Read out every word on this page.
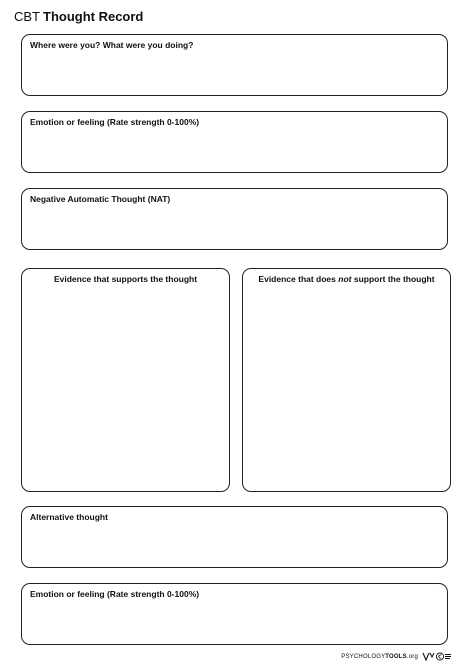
CBT Thought Record
Where were you? What were you doing?
Emotion or feeling (Rate strength 0-100%)
Negative Automatic Thought (NAT)
Evidence that supports the thought	Evidence that does not support the thought
Alternative thought
Emotion or feeling (Rate strength 0-100%)
PSYCHOLOGYTOOLS.org
